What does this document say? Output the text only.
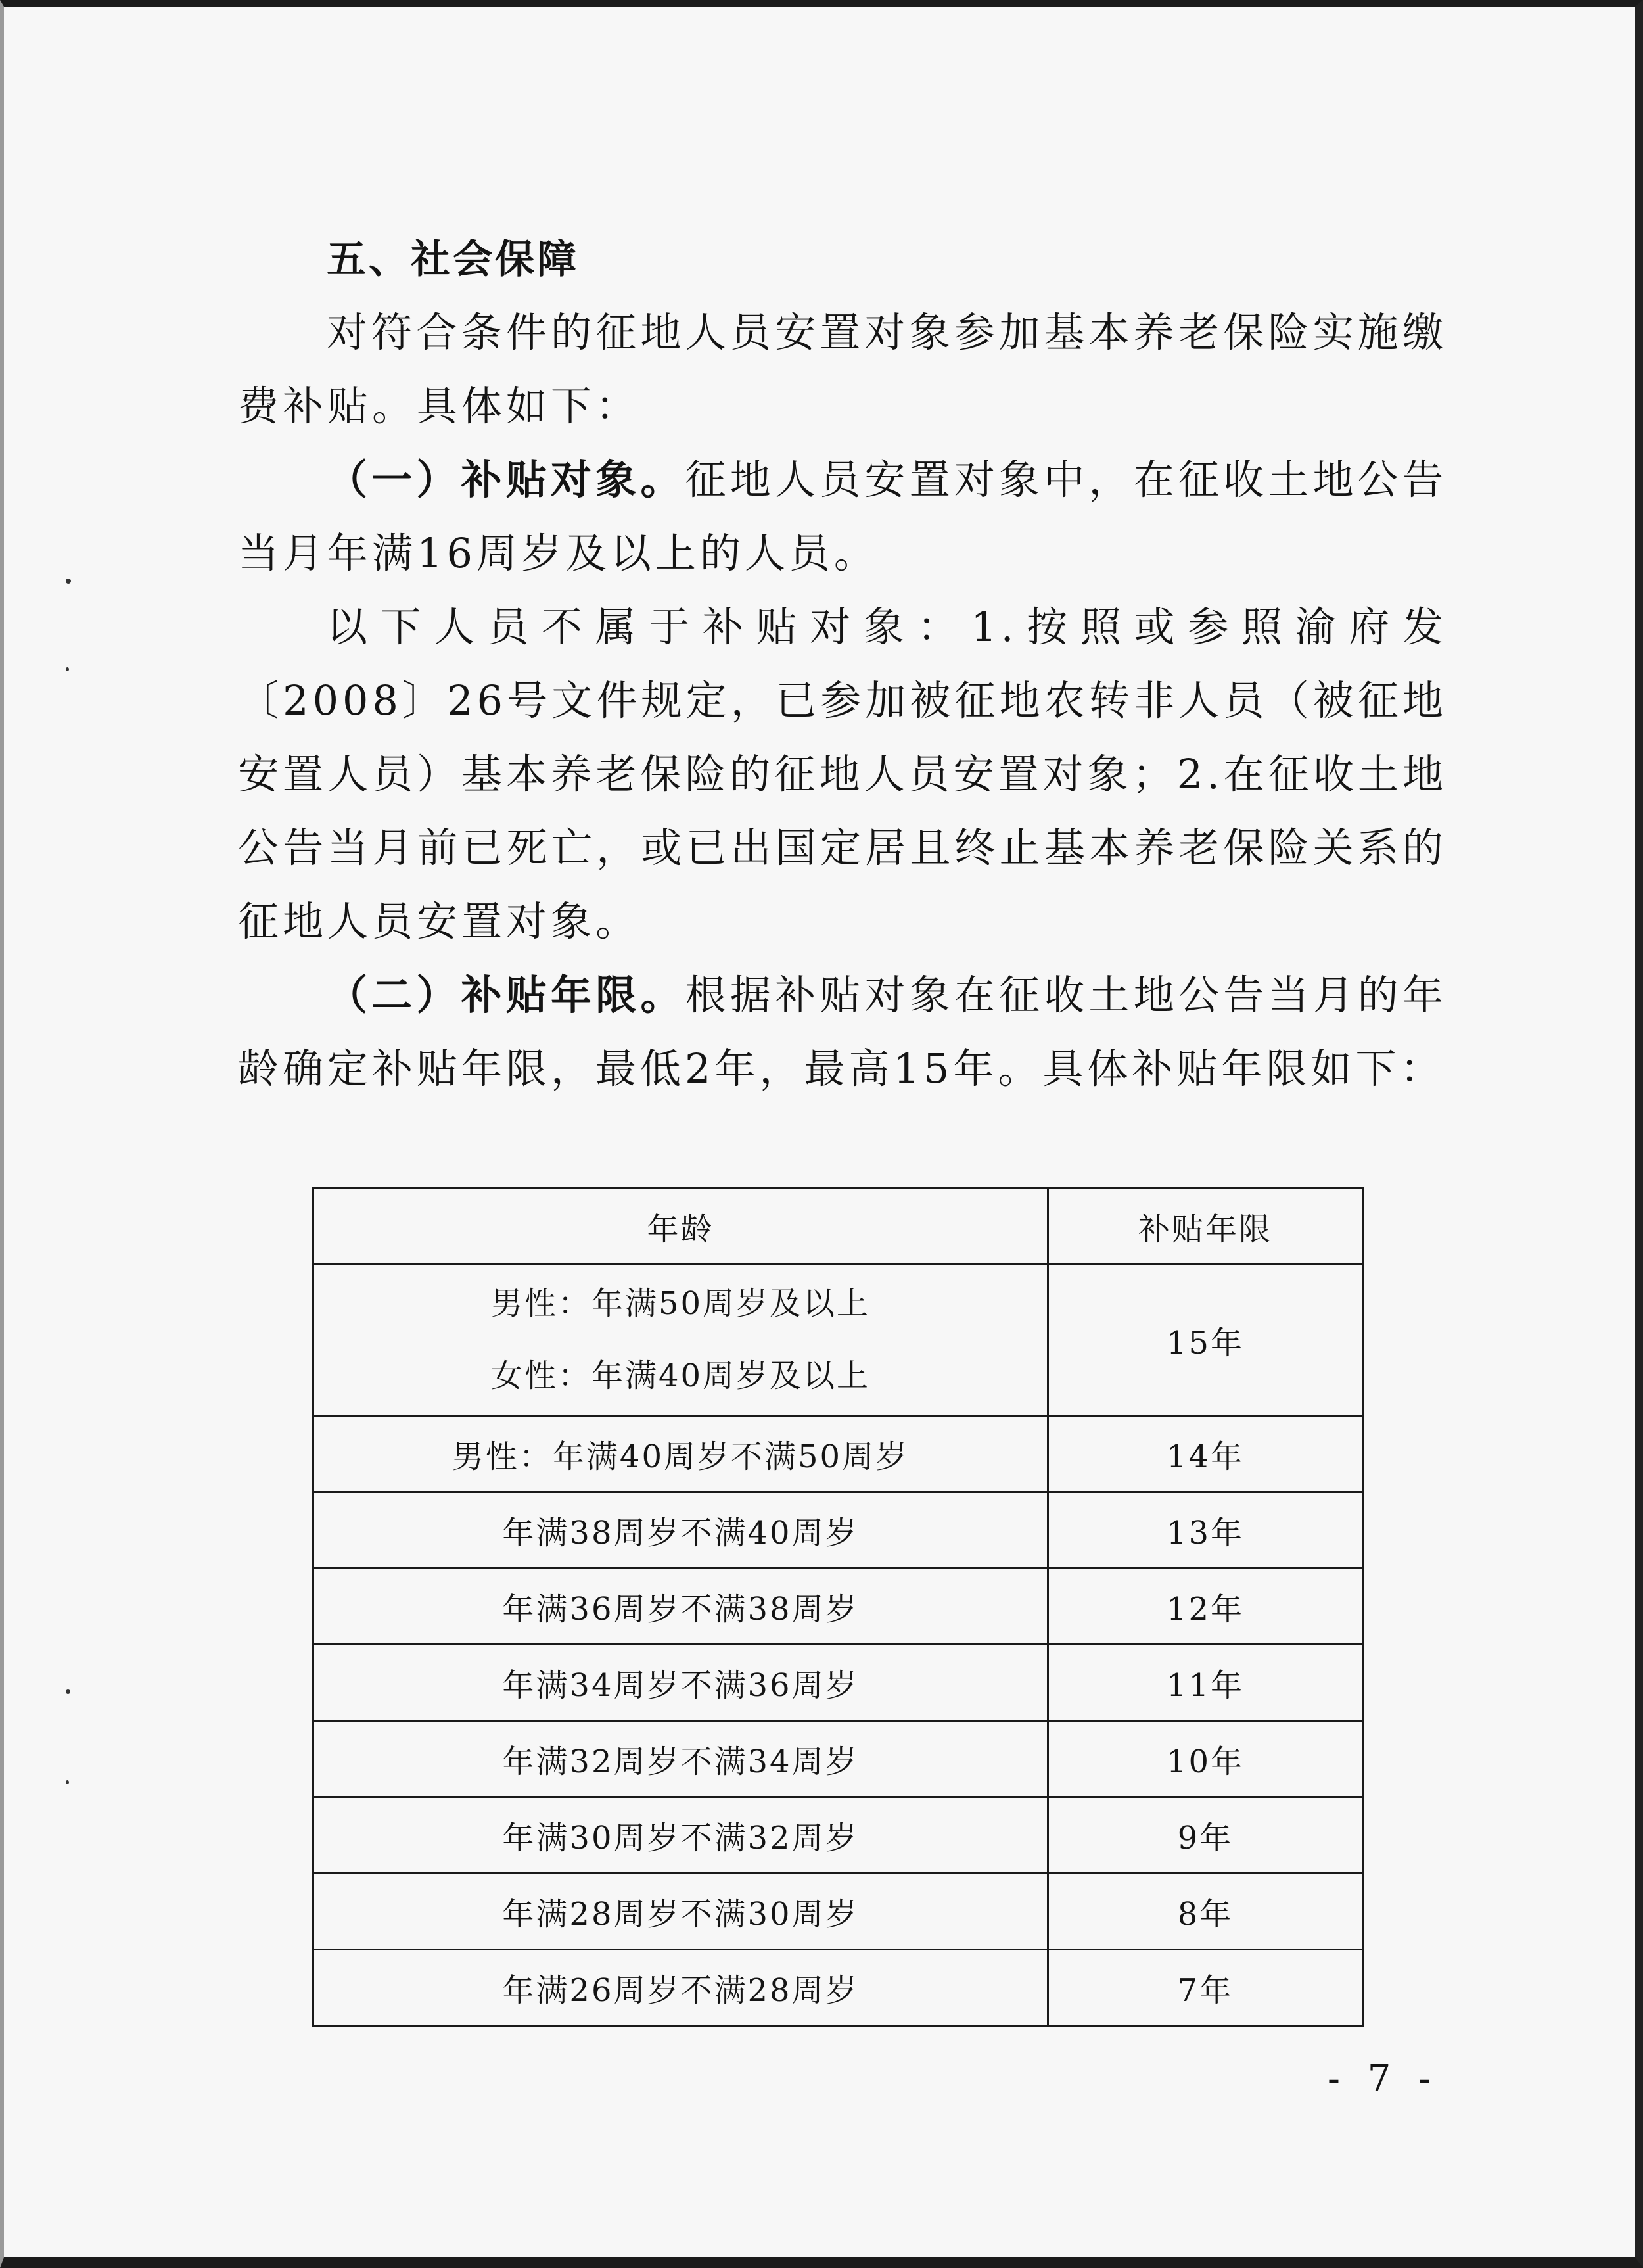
五、社会保障

对符合条件的征地人员安置对象参加基本养老保险实施缴费补贴。具体如下：

（一）补贴对象。征地人员安置对象中，在征收土地公告当月年满16周岁及以上的人员。

以下人员不属于补贴对象：1.按照或参照渝府发〔2008〕26号文件规定，已参加被征地农转非人员（被征地安置人员）基本养老保险的征地人员安置对象；2.在征收土地公告当月前已死亡，或已出国定居且终止基本养老保险关系的征地人员安置对象。

（二）补贴年限。根据补贴对象在征收土地公告当月的年龄确定补贴年限，最低2年，最高15年。具体补贴年限如下：

年龄	补贴年限

男性：年满50周岁及以上
女性：年满40周岁及以上	15年
男性：年满40周岁不满50周岁	14年
年满38周岁不满40周岁	13年
年满36周岁不满38周岁	12年
年满34周岁不满36周岁	11年
年满32周岁不满34周岁	10年
年满30周岁不满32周岁	9年
年满28周岁不满30周岁	8年
年满26周岁不满28周岁	7年
- 7 -
